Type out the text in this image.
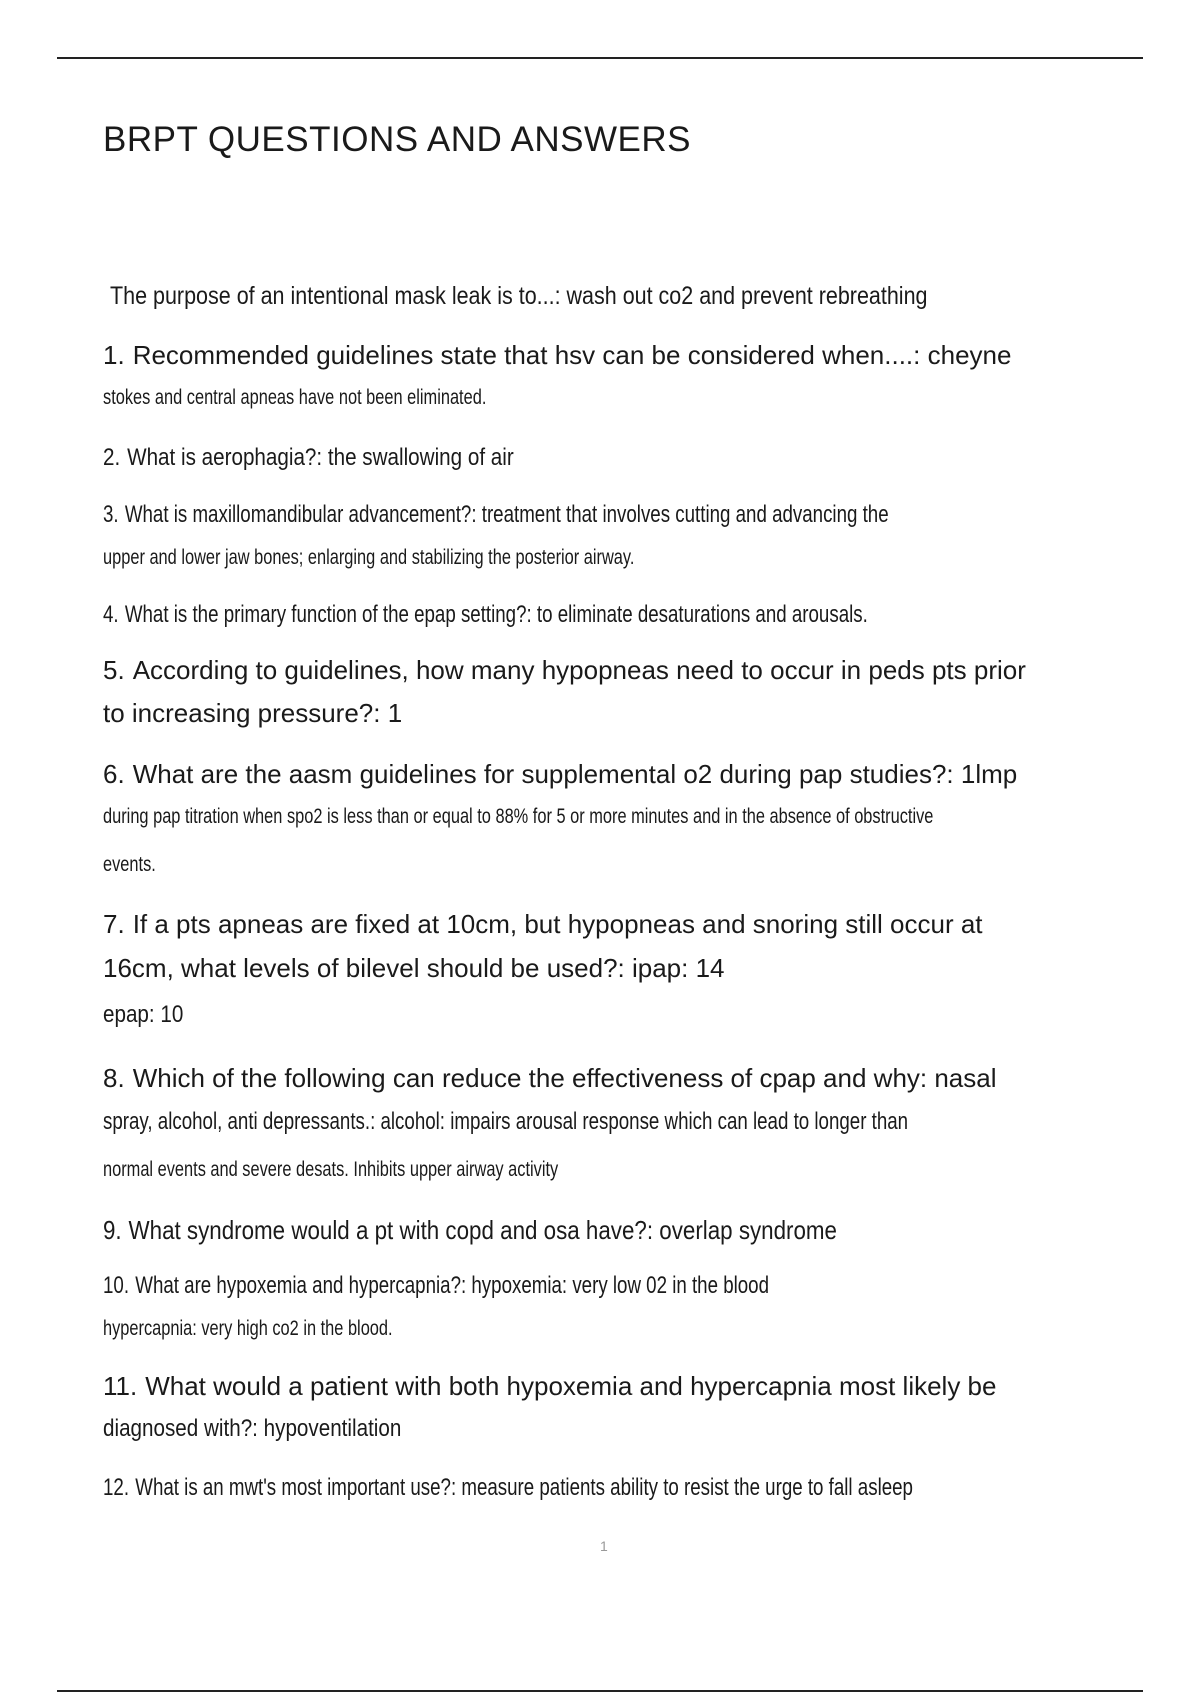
BRPT QUESTIONS AND ANSWERS
The purpose of an intentional mask leak is to...: wash out co2 and prevent rebreathing
1. Recommended guidelines state that hsv can be considered when....: cheyne
stokes and central apneas have not been eliminated.
2. What is aerophagia?: the swallowing of air
3. What is maxillomandibular advancement?: treatment that involves cutting and advancing the
upper and lower jaw bones; enlarging and stabilizing the posterior airway.
4. What is the primary function of the epap setting?: to eliminate desaturations and arousals.
5. According to guidelines, how many hypopneas need to occur in peds pts prior
to increasing pressure?: 1
6. What are the aasm guidelines for supplemental o2 during pap studies?: 1lmp
during pap titration when spo2 is less than or equal to 88% for 5 or more minutes and in the absence of obstructive
events.
7. If a pts apneas are fixed at 10cm, but hypopneas and snoring still occur at
16cm, what levels of bilevel should be used?: ipap: 14
epap: 10
8. Which of the following can reduce the effectiveness of cpap and why: nasal
spray, alcohol, anti depressants.: alcohol: impairs arousal response which can lead to longer than
normal events and severe desats. Inhibits upper airway activity
9. What syndrome would a pt with copd and osa have?: overlap syndrome
10. What are hypoxemia and hypercapnia?: hypoxemia: very low 02 in the blood
hypercapnia: very high co2 in the blood.
11. What would a patient with both hypoxemia and hypercapnia most likely be
diagnosed with?: hypoventilation
12. What is an mwt's most important use?: measure patients ability to resist the urge to fall asleep
1
